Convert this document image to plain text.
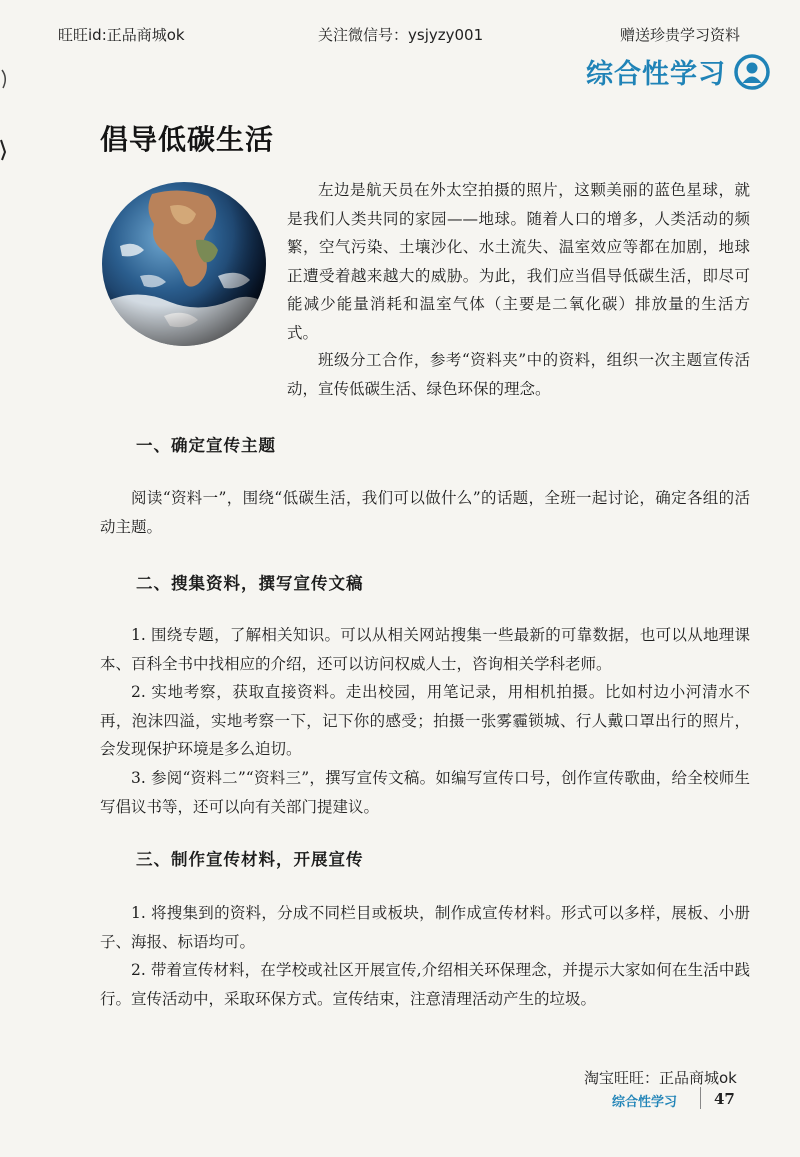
旺旺id:正品商城ok	关注微信号：ysjyzy001	赠送珍贵学习资料
综合性学习
倡导低碳生活

左边是航天员在外太空拍摄的照片，这颗美丽的蓝色星球，就是我们人类共同的家园——地球。随着人口的增多，人类活动的频繁，空气污染、土壤沙化、水土流失、温室效应等都在加剧，地球正遭受着越来越大的威胁。为此，我们应当倡导低碳生活，即尽可能减少能量消耗和温室气体（主要是二氧化碳）排放量的生活方式。

班级分工合作，参考“资料夹”中的资料，组织一次主题宣传活动，宣传低碳生活、绿色环保的理念。

一、确定宣传主题

阅读“资料一”，围绕“低碳生活，我们可以做什么”的话题，全班一起讨论，确定各组的活动主题。

二、搜集资料，撰写宣传文稿

1. 围绕专题，了解相关知识。可以从相关网站搜集一些最新的可靠数据，也可以从地理课本、百科全书中找相应的介绍，还可以访问权威人士，咨询相关学科老师。

2. 实地考察，获取直接资料。走出校园，用笔记录，用相机拍摄。比如村边小河清水不再，泡沫四溢，实地考察一下，记下你的感受；拍摄一张雾霾锁城、行人戴口罩出行的照片，会发现保护环境是多么迫切。

3. 参阅“资料二”“资料三”，撰写宣传文稿。如编写宣传口号，创作宣传歌曲，给全校师生写倡议书等，还可以向有关部门提建议。

三、制作宣传材料，开展宣传

1. 将搜集到的资料，分成不同栏目或板块，制作成宣传材料。形式可以多样，展板、小册子、海报、标语均可。

2. 带着宣传材料，在学校或社区开展宣传,介绍相关环保理念，并提示大家如何在生活中践行。宣传活动中，采取环保方式。宣传结束，注意清理活动产生的垃圾。

淘宝旺旺：正品商城ok
综合性学习 47
